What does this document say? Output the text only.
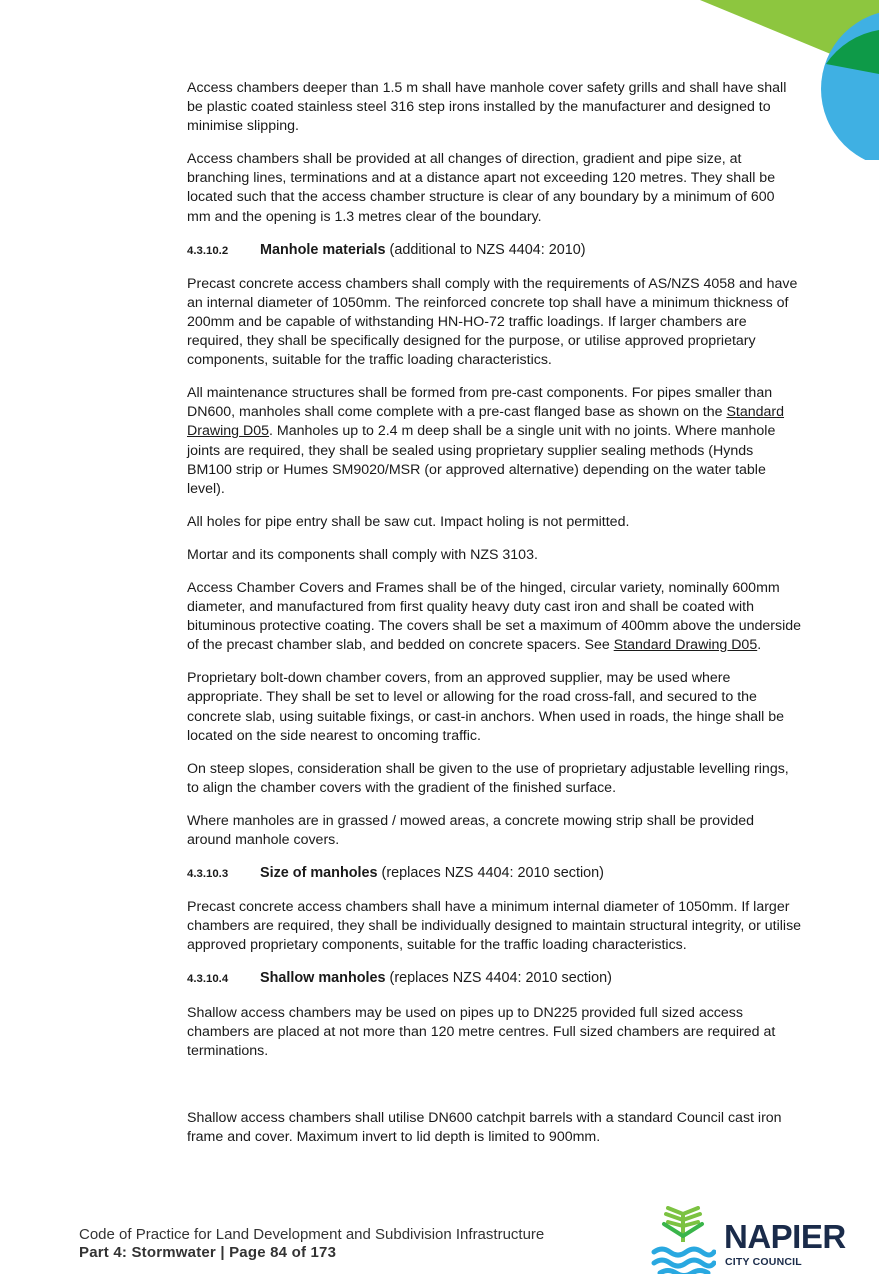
Access chambers deeper than 1.5 m shall have manhole cover safety grills and shall have shall be plastic coated stainless steel 316 step irons installed by the manufacturer and designed to minimise slipping.

Access chambers shall be provided at all changes of direction, gradient and pipe size, at branching lines, terminations and at a distance apart not exceeding 120 metres. They shall be located such that the access chamber structure is clear of any boundary by a minimum of 600 mm and the opening is 1.3 metres clear of the boundary.

4.3.10.2	Manhole materials (additional to NZS 4404: 2010)

Precast concrete access chambers shall comply with the requirements of AS/NZS 4058 and have an internal diameter of 1050mm. The reinforced concrete top shall have a minimum thickness of 200mm and be capable of withstanding HN-HO-72 traffic loadings. If larger chambers are required, they shall be specifically designed for the purpose, or utilise approved proprietary components, suitable for the traffic loading characteristics.

All maintenance structures shall be formed from pre-cast components. For pipes smaller than DN600, manholes shall come complete with a pre-cast flanged base as shown on the Standard Drawing D05. Manholes up to 2.4 m deep shall be a single unit with no joints. Where manhole joints are required, they shall be sealed using proprietary supplier sealing methods (Hynds BM100 strip or Humes SM9020/MSR (or approved alternative) depending on the water table level).

All holes for pipe entry shall be saw cut. Impact holing is not permitted.

Mortar and its components shall comply with NZS 3103.

Access Chamber Covers and Frames shall be of the hinged, circular variety, nominally 600mm diameter, and manufactured from first quality heavy duty cast iron and shall be coated with bituminous protective coating. The covers shall be set a maximum of 400mm above the underside of the precast chamber slab, and bedded on concrete spacers. See Standard Drawing D05.

Proprietary bolt-down chamber covers, from an approved supplier, may be used where appropriate. They shall be set to level or allowing for the road cross-fall, and secured to the concrete slab, using suitable fixings, or cast-in anchors. When used in roads, the hinge shall be located on the side nearest to oncoming traffic.

On steep slopes, consideration shall be given to the use of proprietary adjustable levelling rings, to align the chamber covers with the gradient of the finished surface.

Where manholes are in grassed / mowed areas, a concrete mowing strip shall be provided around manhole covers.

4.3.10.3	Size of manholes (replaces NZS 4404: 2010 section)

Precast concrete access chambers shall have a minimum internal diameter of 1050mm. If larger chambers are required, they shall be individually designed to maintain structural integrity, or utilise approved proprietary components, suitable for the traffic loading characteristics.

4.3.10.4	Shallow manholes (replaces NZS 4404: 2010 section)

Shallow access chambers may be used on pipes up to DN225 provided full sized access chambers are placed at not more than 120 metre centres. Full sized chambers are required at terminations.

Shallow access chambers shall utilise DN600 catchpit barrels with a standard Council cast iron frame and cover. Maximum invert to lid depth is limited to 900mm.

Code of Practice for Land Development and Subdivision Infrastructure
Part 4: Stormwater | Page 84 of 173	NAPIER
CITY COUNCIL
